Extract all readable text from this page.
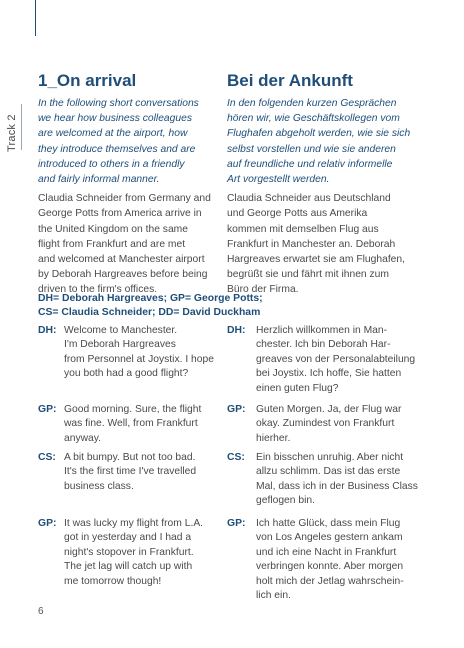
Track 2
1_On arrival

In the following short conversations
we hear how business colleagues
are welcomed at the airport, how
they introduce themselves and are
introduced to others in a friendly
and fairly informal manner.

Claudia Schneider from Germany and
George Potts from America arrive in
the United Kingdom on the same
flight from Frankfurt and are met
and welcomed at Manchester airport
by Deborah Hargreaves before being
driven to the firm's offices.

Bei der Ankunft

In den folgenden kurzen Gesprächen
hören wir, wie Geschäftskollegen vom
Flughafen abgeholt werden, wie sie sich
selbst vorstellen und wie sie anderen
auf freundliche und relativ informelle
Art vorgestellt werden.

Claudia Schneider aus Deutschland
und George Potts aus Amerika
kommen mit demselben Flug aus
Frankfurt in Manchester an. Deborah
Hargreaves erwartet sie am Flughafen,
begrüßt sie und fährt mit ihnen zum
Büro der Firma.

DH= Deborah Hargreaves; GP= George Potts;
CS= Claudia Schneider; DD= David Duckham
DH: Welcome to Manchester.
I'm Deborah Hargreaves
from Personnel at Joystix. I hope
you both had a good flight?
DH: Herzlich willkommen in Man-
chester. Ich bin Deborah Har-
greaves von der Personalabteilung
bei Joystix. Ich hoffe, Sie hatten
einen guten Flug?
GP: Good morning. Sure, the flight
was fine. Well, from Frankfurt
anyway.
GP: Guten Morgen. Ja, der Flug war
okay. Zumindest von Frankfurt
hierher.
CS: A bit bumpy. But not too bad.
It's the first time I've travelled
business class.
CS: Ein bisschen unruhig. Aber nicht
allzu schlimm. Das ist das erste
Mal, dass ich in der Business Class
geflogen bin.
GP: It was lucky my flight from L.A.
got in yesterday and I had a
night's stopover in Frankfurt.
The jet lag will catch up with
me tomorrow though!
GP: Ich hatte Glück, dass mein Flug
von Los Angeles gestern ankam
und ich eine Nacht in Frankfurt
verbringen konnte. Aber morgen
holt mich der Jetlag wahrschein-
lich ein.
6
